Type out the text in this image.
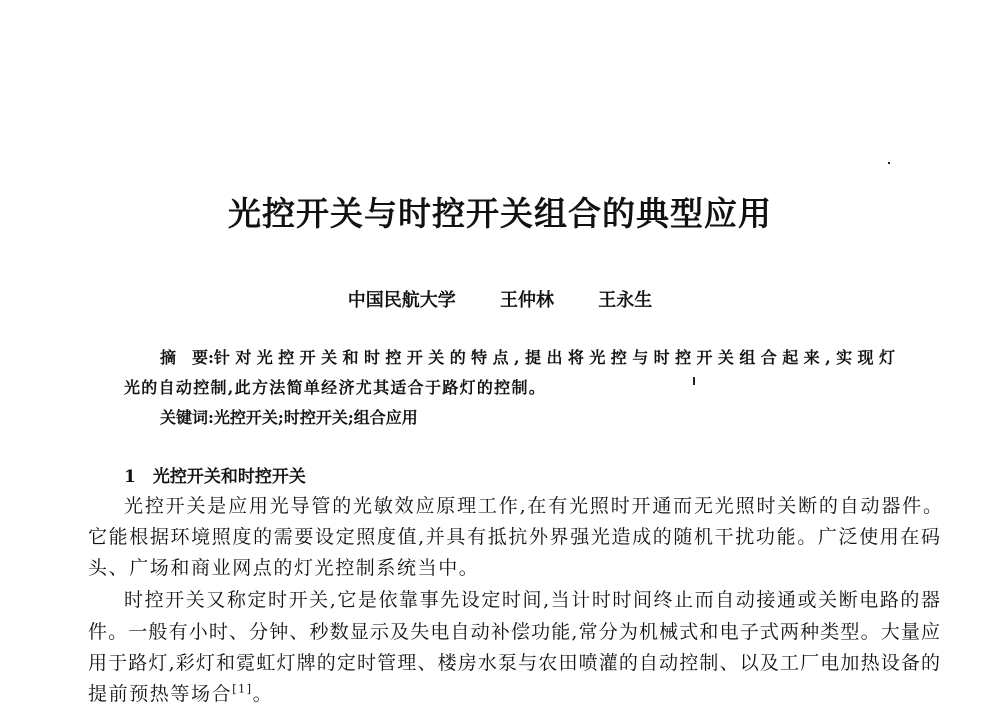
光控开关与时控开关组合的典型应用
中国民航大学 王仲林 王永生
摘　要: 针对光控开关和时控开关的特点,提出将光控与时控开关组合起来,实现灯
光的自动控制,此方法简单经济尤其适合于路灯的控制。
关键词:光控开关;时控开关;组合应用
1　光控开关和时控开关
光控开关是应用光导管的光敏效应原理工作,在有光照时开通而无光照时关断的自动器件。
它能根据环境照度的需要设定照度值,并具有抵抗外界强光造成的随机干扰功能。广泛使用在码
头、广场和商业网点的灯光控制系统当中。
时控开关又称定时开关,它是依靠事先设定时间,当计时时间终止而自动接通或关断电路的器
件。一般有小时、分钟、秒数显示及失电自动补偿功能,常分为机械式和电子式两种类型。大量应
用于路灯,彩灯和霓虹灯牌的定时管理、楼房水泵与农田喷灌的自动控制、以及工厂电加热设备的
提前预热等场合[1]。
